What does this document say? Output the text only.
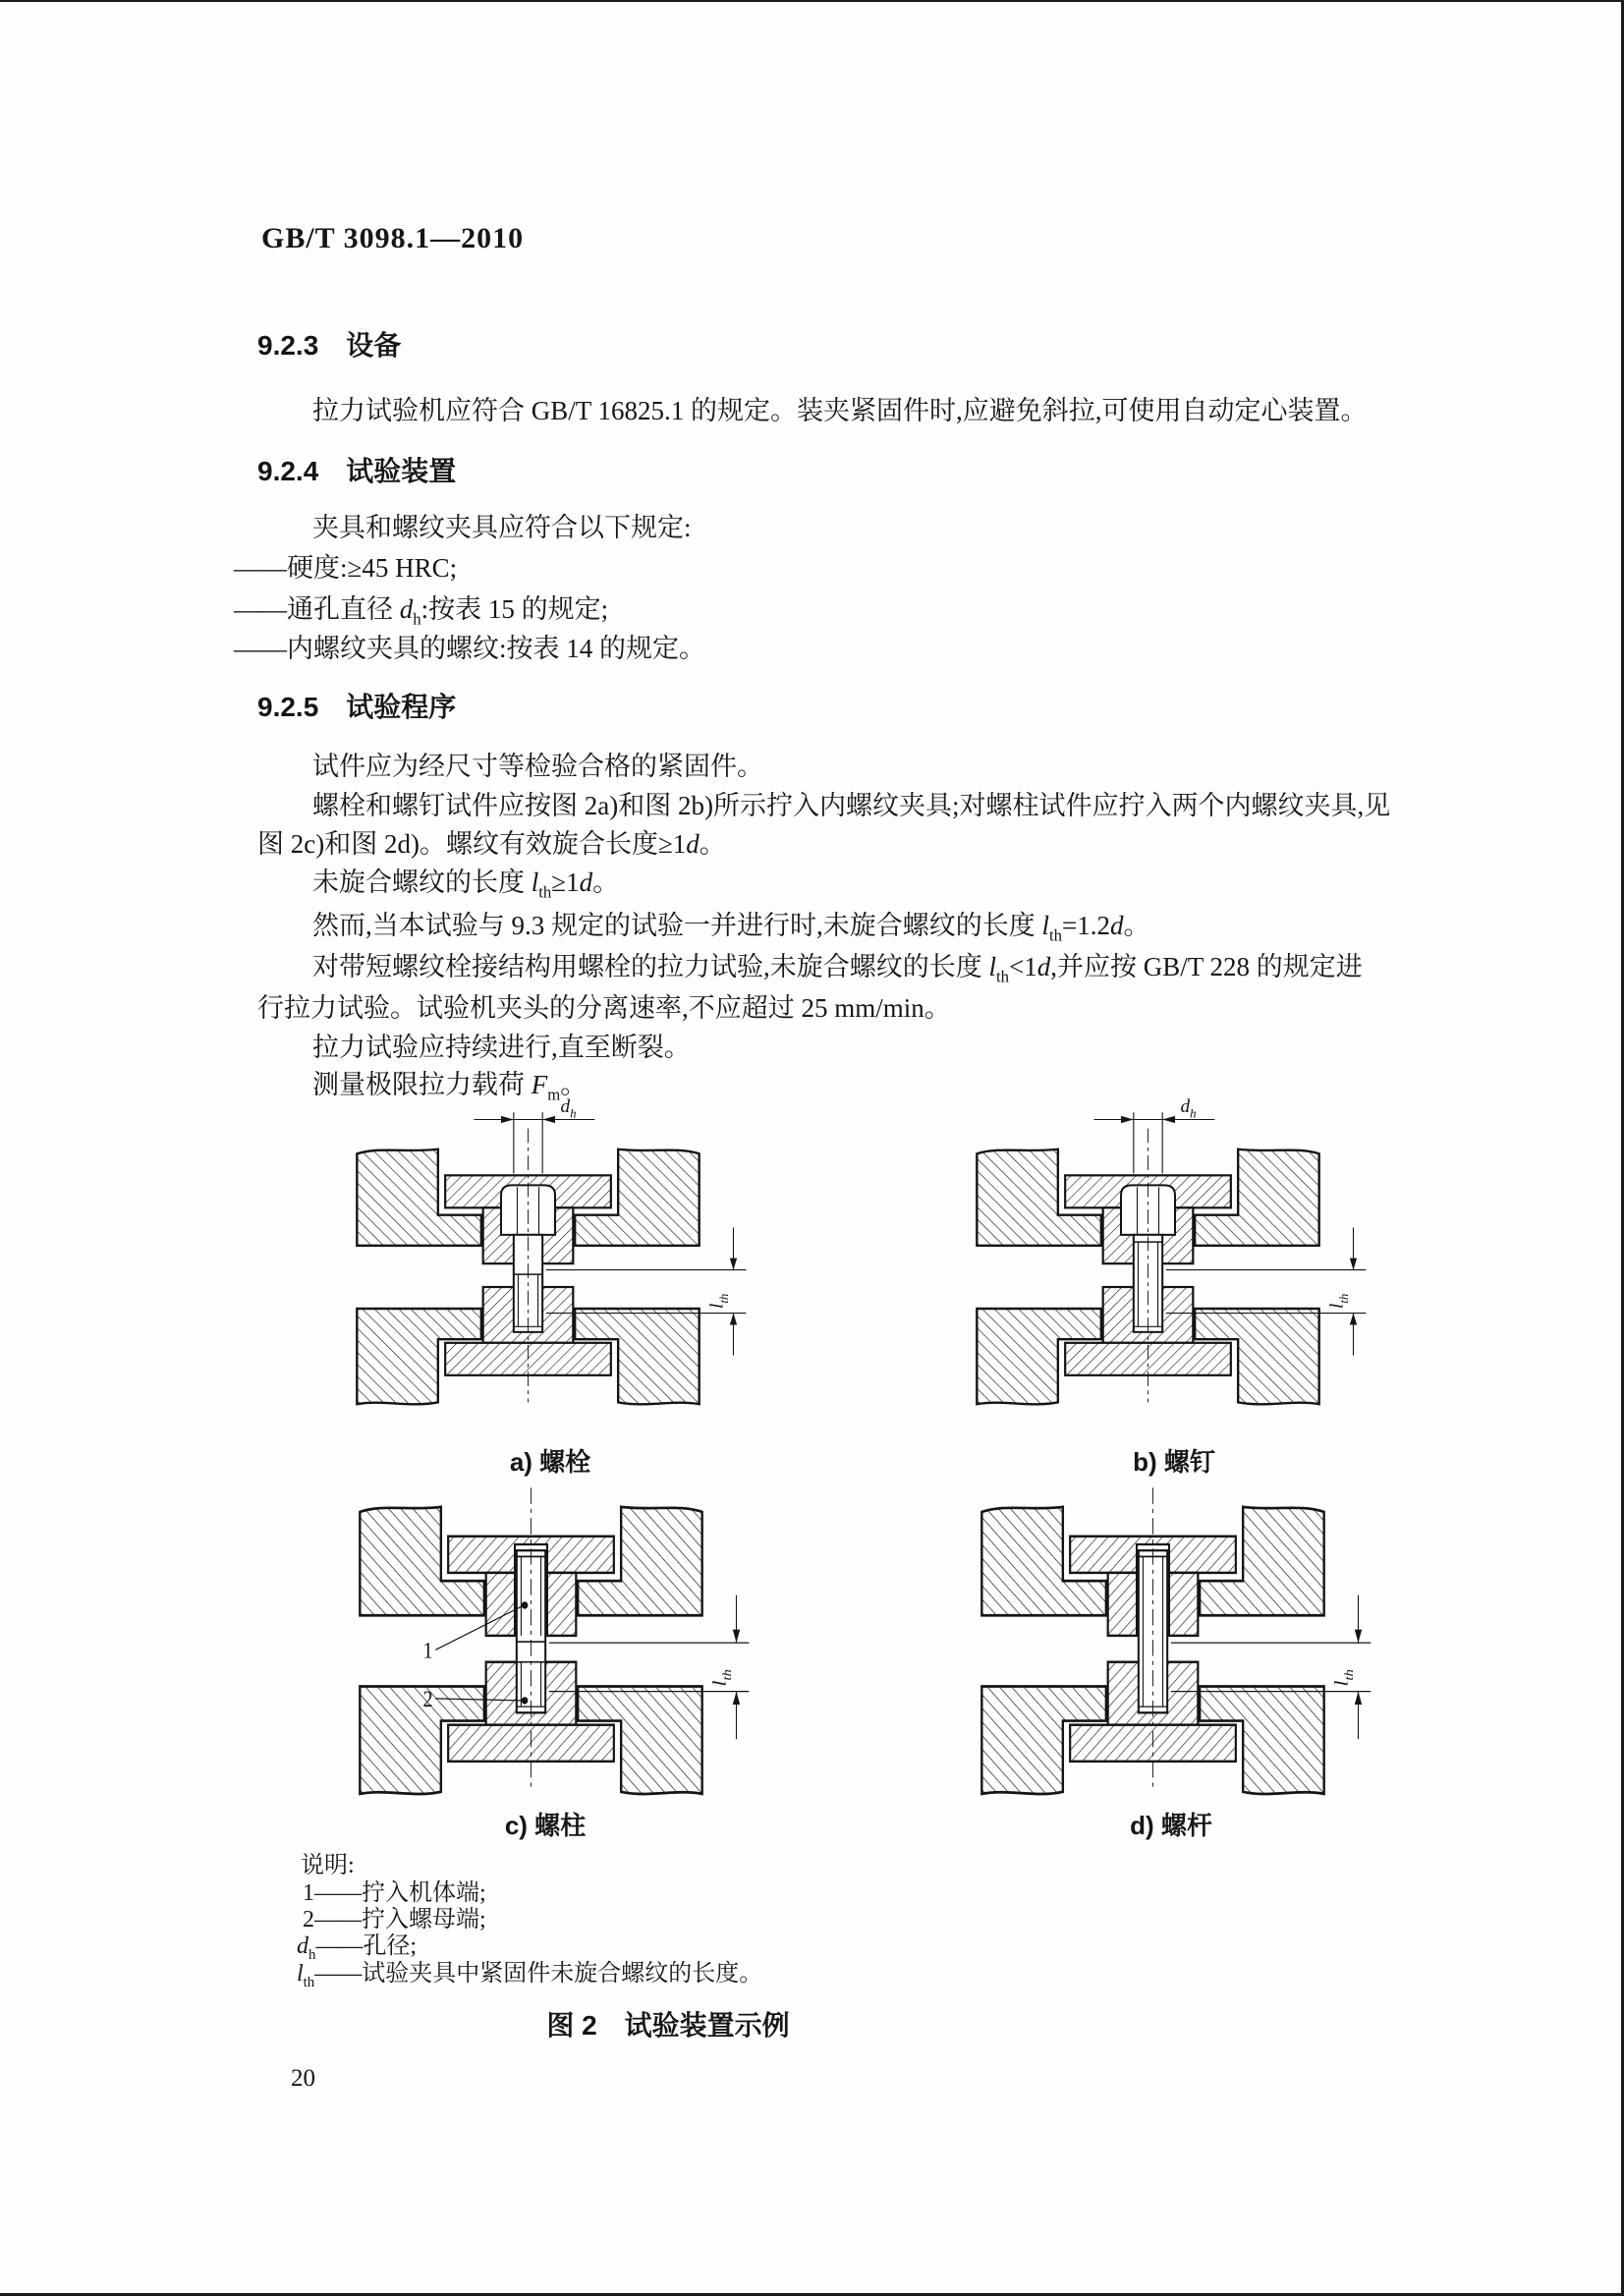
GB/T 3098.1—2010
9.2.3 设备
拉力试验机应符合 GB/T 16825.1 的规定。装夹紧固件时,应避免斜拉,可使用自动定心装置。
9.2.4 试验装置
夹具和螺纹夹具应符合以下规定:
——硬度:≥45 HRC;
——通孔直径 $d_h$:按表 15 的规定;
——内螺纹夹具的螺纹:按表 14 的规定。
9.2.5 试验程序
试件应为经尺寸等检验合格的紧固件。
螺栓和螺钉试件应按图 2a)和图 2b)所示拧入内螺纹夹具;对螺柱试件应拧入两个内螺纹夹具,见
图 2c)和图 2d)。螺纹有效旋合长度≥1d。
未旋合螺纹的长度 $l_{th}\ge 1d$。
然而,当本试验与 9.3 规定的试验一并进行时,未旋合螺纹的长度 $l_{th}=1.2d$。
对带短螺纹栓接结构用螺栓的拉力试验,未旋合螺纹的长度 $l_{th}<1d$,并应按 GB/T 228 的规定进
行拉力试验。试验机夹头的分离速率,不应超过 25 mm/min。
拉力试验应持续进行,直至断裂。
测量极限拉力载荷 $F_m$。
$d_h$
$l_{th}$
$d_h$
$l_{th}$
1
2
$l_{th}$
$l_{th}$
a) 螺栓	b) 螺钉
c) 螺柱	d) 螺杆
说明:
1——拧入机体端;
2——拧入螺母端;
$d_h——$孔径;
$l_{th}——$试验夹具中紧固件未旋合螺纹的长度。
图 2　试验装置示例
20
